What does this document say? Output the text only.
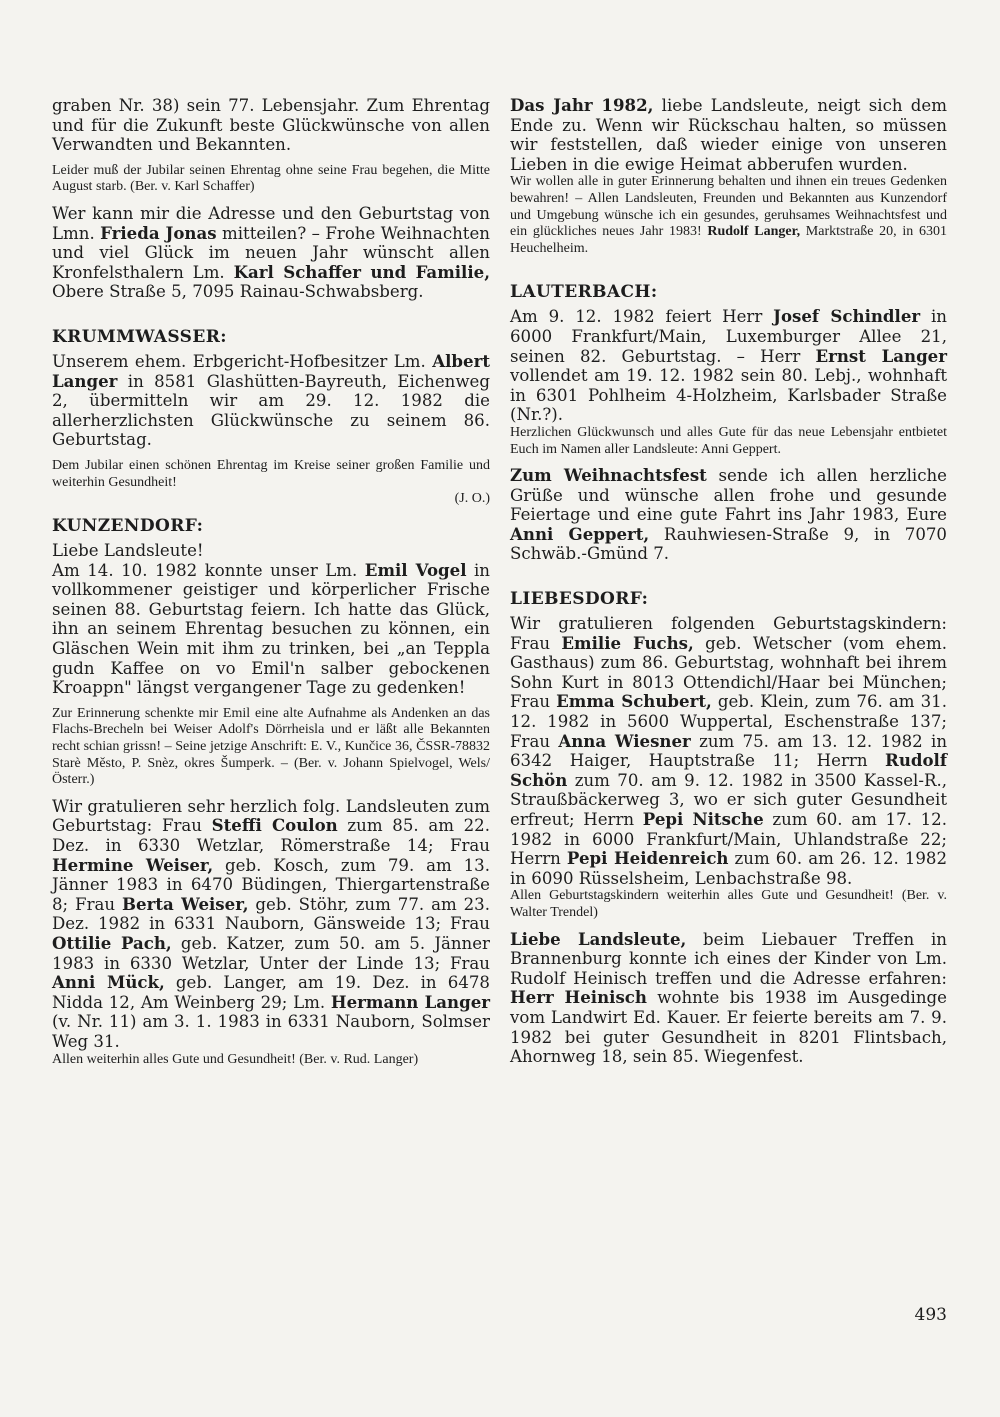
graben Nr. 38) sein 77. Lebensjahr. Zum Ehrentag und für die Zukunft beste Glückwünsche von allen Verwandten und Bekannten.

Leider muß der Jubilar seinen Ehrentag ohne seine Frau begehen, die Mitte August starb. (Ber. v. Karl Schaffer)

Wer kann mir die Adresse und den Geburtstag von Lmn. Frieda Jonas mitteilen? – Frohe Weihnachten und viel Glück im neuen Jahr wünscht allen Kronfelsthalern Lm. Karl Schaffer und Familie, Obere Straße 5, 7095 Rainau-Schwabsberg.

KRUMMWASSER:

Unserem ehem. Erbgericht-Hofbesitzer Lm. Albert Langer in 8581 Glashütten-Bayreuth, Eichenweg 2, übermitteln wir am 29. 12. 1982 die allerherzlichsten Glückwünsche zu seinem 86. Geburtstag.

Dem Jubilar einen schönen Ehrentag im Kreise seiner großen Familie und weiterhin Gesundheit!

(J. O.)

KUNZENDORF:

Liebe Landsleute!

Am 14. 10. 1982 konnte unser Lm. Emil Vogel in vollkommener geistiger und körperlicher Frische seinen 88. Geburtstag feiern. Ich hatte das Glück, ihn an seinem Ehrentag besuchen zu können, ein Gläschen Wein mit ihm zu trinken, bei „an Teppla gudn Kaffee on vo Emil'n salber gebockenen Kroappn" längst vergangener Tage zu gedenken!

Zur Erinnerung schenkte mir Emil eine alte Aufnahme als Andenken an das Flachs-Brecheln bei Weiser Adolf's Dörrheisla und er läßt alle Bekannten recht schian grissn! – Seine jetzige Anschrift: E. V., Kunčice 36, ČSSR-78832 Starè Město, P. Snèz, okres Šumperk. – (Ber. v. Johann Spielvogel, Wels/Österr.)

Wir gratulieren sehr herzlich folg. Landsleuten zum Geburtstag: Frau Steffi Coulon zum 85. am 22. Dez. in 6330 Wetzlar, Römerstraße 14; Frau Hermine Weiser, geb. Kosch, zum 79. am 13. Jänner 1983 in 6470 Büdingen, Thiergartenstraße 8; Frau Berta Weiser, geb. Stöhr, zum 77. am 23. Dez. 1982 in 6331 Nauborn, Gänsweide 13; Frau Ottilie Pach, geb. Katzer, zum 50. am 5. Jänner 1983 in 6330 Wetzlar, Unter der Linde 13; Frau Anni Mück, geb. Langer, am 19. Dez. in 6478 Nidda 12, Am Weinberg 29; Lm. Hermann Langer (v. Nr. 11) am 3. 1. 1983 in 6331 Nauborn, Solmser Weg 31.

Allen weiterhin alles Gute und Gesundheit! (Ber. v. Rud. Langer)

Das Jahr 1982, liebe Landsleute, neigt sich dem Ende zu. Wenn wir Rückschau halten, so müssen wir feststellen, daß wieder einige von unseren Lieben in die ewige Heimat abberufen wurden.

Wir wollen alle in guter Erinnerung behalten und ihnen ein treues Gedenken bewahren! – Allen Landsleuten, Freunden und Bekannten aus Kunzendorf und Umgebung wünsche ich ein gesundes, geruhsames Weihnachtsfest und ein glückliches neues Jahr 1983! Rudolf Langer, Marktstraße 20, in 6301 Heuchelheim.

LAUTERBACH:

Am 9. 12. 1982 feiert Herr Josef Schindler in 6000 Frankfurt/Main, Luxemburger Allee 21, seinen 82. Geburtstag. – Herr Ernst Langer vollendet am 19. 12. 1982 sein 80. Lebj., wohnhaft in 6301 Pohlheim 4-Holzheim, Karlsbader Straße (Nr.?).

Herzlichen Glückwunsch und alles Gute für das neue Lebensjahr entbietet Euch im Namen aller Landsleute: Anni Geppert.

Zum Weihnachtsfest sende ich allen herzliche Grüße und wünsche allen frohe und gesunde Feiertage und eine gute Fahrt ins Jahr 1983, Eure Anni Geppert, Rauhwiesen-Straße 9, in 7070 Schwäb.-Gmünd 7.

LIEBESDORF:

Wir gratulieren folgenden Geburtstagskindern: Frau Emilie Fuchs, geb. Wetscher (vom ehem. Gasthaus) zum 86. Geburtstag, wohnhaft bei ihrem Sohn Kurt in 8013 Ottendichl/Haar bei München; Frau Emma Schubert, geb. Klein, zum 76. am 31. 12. 1982 in 5600 Wuppertal, Eschenstraße 137; Frau Anna Wiesner zum 75. am 13. 12. 1982 in 6342 Haiger, Hauptstraße 11; Herrn Rudolf Schön zum 70. am 9. 12. 1982 in 3500 Kassel-R., Straußbäckerweg 3, wo er sich guter Gesundheit erfreut; Herrn Pepi Nitsche zum 60. am 17. 12. 1982 in 6000 Frankfurt/Main, Uhlandstraße 22; Herrn Pepi Heidenreich zum 60. am 26. 12. 1982 in 6090 Rüsselsheim, Lenbachstraße 98.

Allen Geburtstagskindern weiterhin alles Gute und Gesundheit! (Ber. v. Walter Trendel)

Liebe Landsleute, beim Liebauer Treffen in Brannenburg konnte ich eines der Kinder von Lm. Rudolf Heinisch treffen und die Adresse erfahren: Herr Heinisch wohnte bis 1938 im Ausgedinge vom Landwirt Ed. Kauer. Er feierte bereits am 7. 9. 1982 bei guter Gesundheit in 8201 Flintsbach, Ahornweg 18, sein 85. Wiegenfest.

493
